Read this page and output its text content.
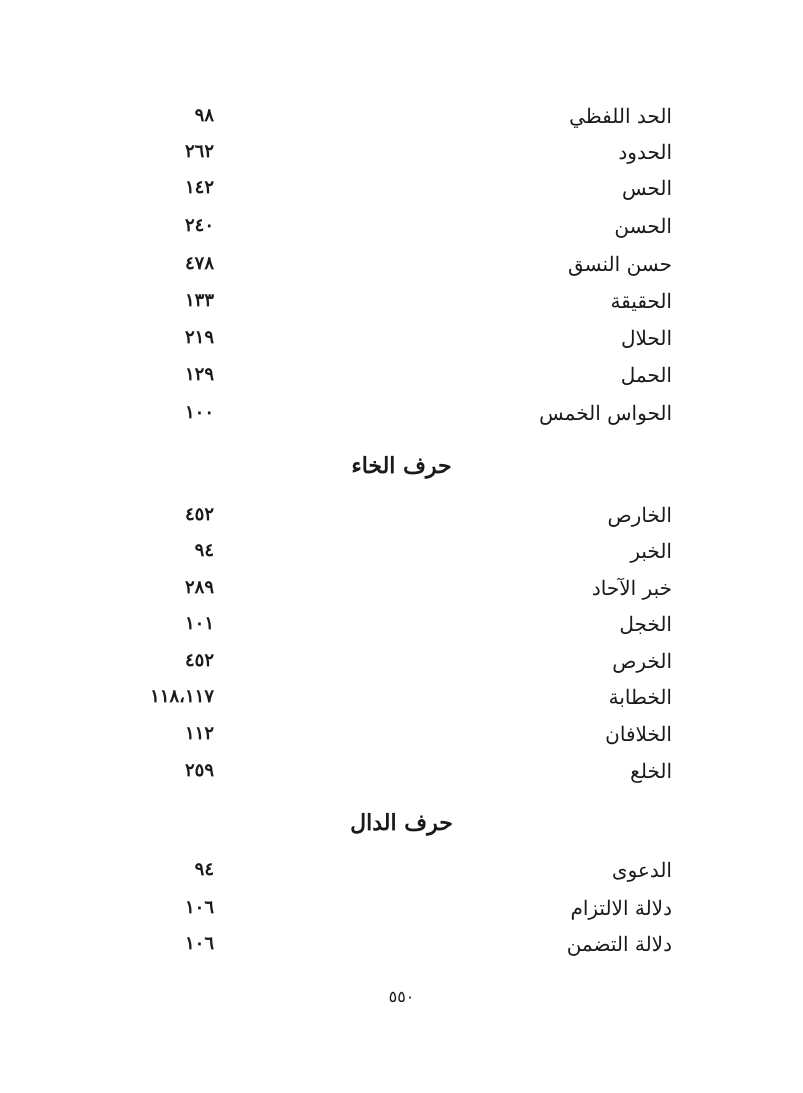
الحد اللفظي
٩٨
الحدود
٢٦٢
الحس
١٤٢
الحسن
٢٤٠
حسن النسق
٤٧٨
الحقيقة
١٣٣
الحلال
٢١٩
الحمل
١٢٩
الحواس الخمس
١٠٠
حرف الخاء
الخارص
٤٥٢
الخبر
٩٤
خبر الآحاد
٢٨٩
الخجل
١٠١
الخرص
٤٥٢
الخطابة
١١٨،١١٧
الخلافان
١١٢
الخلع
٢٥٩
حرف الدال
الدعوى
٩٤
دلالة الالتزام
١٠٦
دلالة التضمن
١٠٦
٥٥٠
